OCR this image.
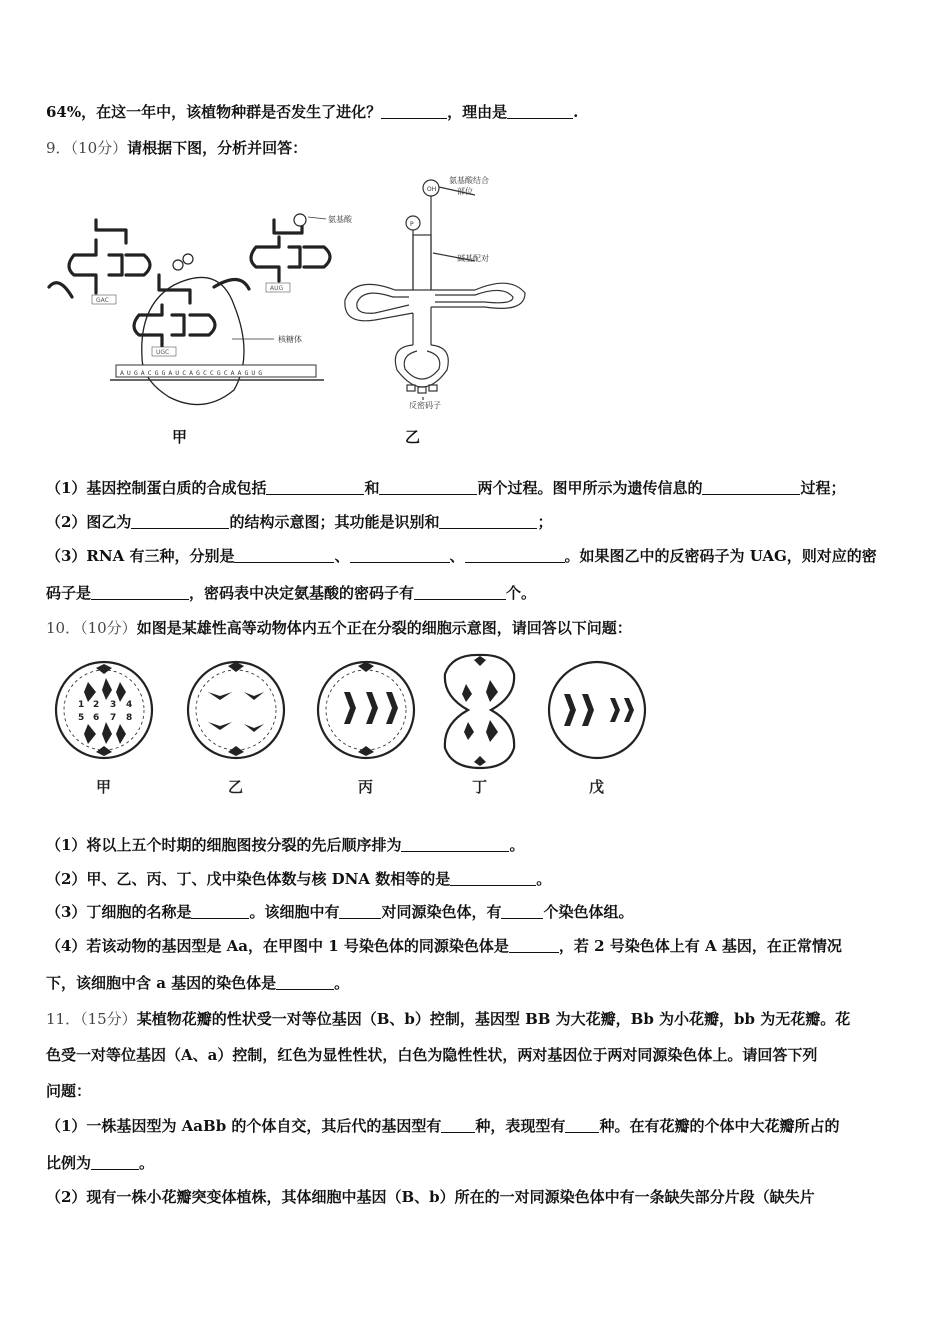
64%，在这一年中，该植物种群是否发生了进化？	，理由是	.
9．（10分）请根据下图，分析并回答：
GAC
UGC
AUG
AUGACGGAUCAGCCGCAAGUG
氨基酸
核糖体
甲
OH
P
氨基酸结合
部位
碱基配对
反密码子
乙
（1）基因控制蛋白质的合成包括	和	两个过程。图甲所示为遗传信息的	过程；
（2）图乙为	的结构示意图；其功能是识别和	；
（3）RNA 有三种，分别是	、	、	。如果图乙中的反密码子为 UAG，则对应的密
码子是	，密码表中决定氨基酸的密码子有	个。
10．（10分）如图是某雄性高等动物体内五个正在分裂的细胞示意图，请回答以下问题：
1 2 3 4
5 6 7 8
甲	乙	丙	丁	戊
（1）将以上五个时期的细胞图按分裂的先后顺序排为	。
（2）甲、乙、丙、丁、戊中染色体数与核 DNA 数相等的是	。
（3）丁细胞的名称是	。该细胞中有	对同源染色体，有	个染色体组。
（4）若该动物的基因型是 Aa，在甲图中 1 号染色体的同源染色体是	，若 2 号染色体上有 A 基因，在正常情况
下，该细胞中含 a 基因的染色体是	。
11．（15分）某植物花瓣的性状受一对等位基因（B、b）控制，基因型 BB 为大花瓣，Bb 为小花瓣，bb 为无花瓣。花
色受一对等位基因（A、a）控制，红色为显性性状，白色为隐性性状，两对基因位于两对同源染色体上。请回答下列
问题：
（1）一株基因型为 AaBb 的个体自交，其后代的基因型有 种，表现型有 种。在有花瓣的个体中大花瓣所占的
比例为	。
（2）现有一株小花瓣突变体植株，其体细胞中基因（B、b）所在的一对同源染色体中有一条缺失部分片段（缺失片
